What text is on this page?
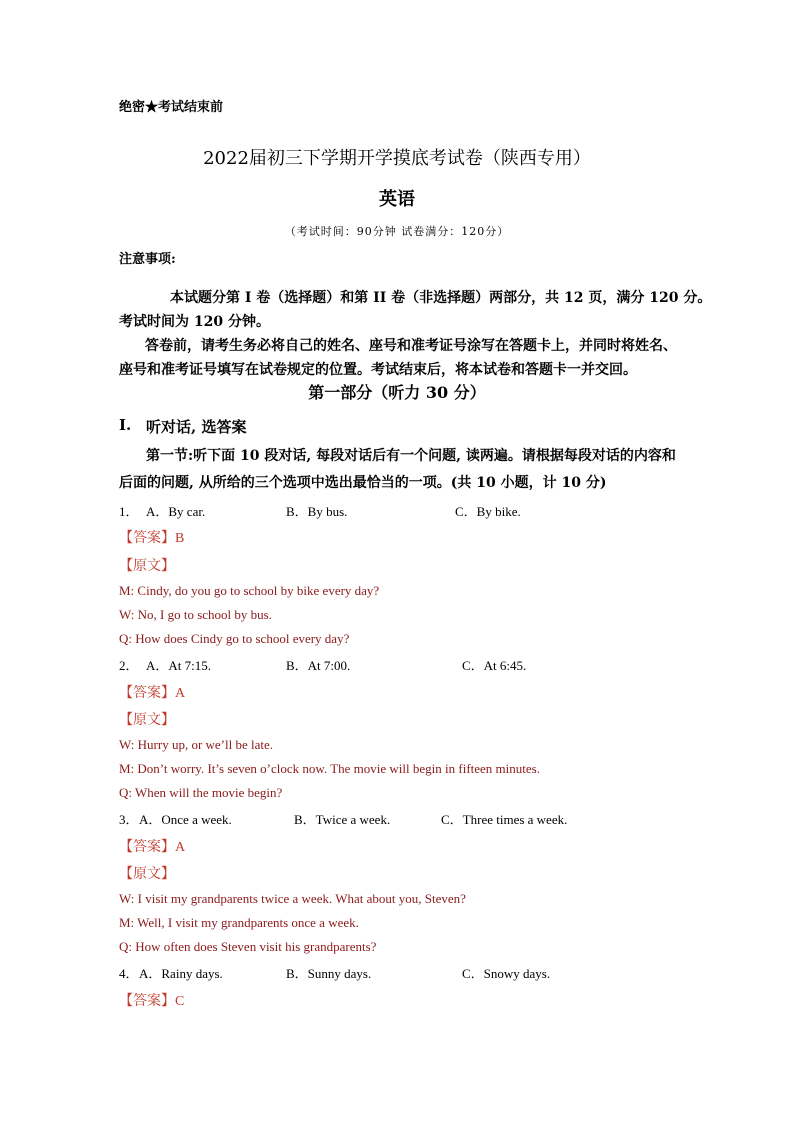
绝密★考试结束前
2022届初三下学期开学摸底考试卷（陕西专用）
英语
（考试时间：90分钟 试卷满分：120分）
注意事项:
本试题分第 I 卷（选择题）和第 II 卷（非选择题）两部分，共 12 页，满分 120 分。
考试时间为 120 分钟。
答卷前，请考生务必将自己的姓名、座号和准考证号涂写在答题卡上，并同时将姓名、
座号和准考证号填写在试卷规定的位置。考试结束后，将本试卷和答题卡一并交回。
第一部分（听力 30 分）
I. 听对话, 选答案
第一节:听下面 10 段对话, 每段对话后有一个问题, 读两遍。请根据每段对话的内容和
后面的问题, 从所给的三个选项中选出最恰当的一项。(共 10 小题，计 10 分)
1． A．By car.	B．By bus.	C．By bike.
【答案】B
【原文】
M: Cindy, do you go to school by bike every day?
W: No, I go to school by bus.
Q: How does Cindy go to school every day?
2． A．At 7:15.	B．At 7:00.	C．At 6:45.
【答案】A
【原文】
W: Hurry up, or we’ll be late.
M: Don’t worry. It’s seven o’clock now. The movie will begin in fifteen minutes.
Q: When will the movie begin?
3． A．Once a week.	B．Twice a week.	C．Three times a week.
【答案】A
【原文】
W: I visit my grandparents twice a week. What about you, Steven?
M: Well, I visit my grandparents once a week.
Q: How often does Steven visit his grandparents?
4． A．Rainy days.	B．Sunny days.	C．Snowy days.
【答案】C
